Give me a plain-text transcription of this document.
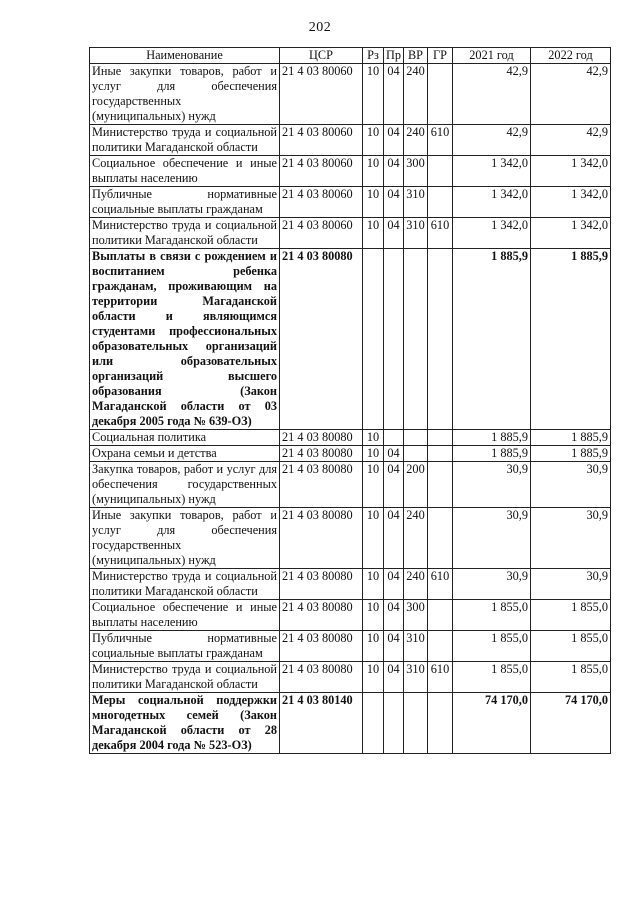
202
Наименование	ЦСР	Рз	Пр	ВР	ГР	2021 год	2022 год
Иные закупки товаров, работ и услуг для обеспечения государственных (муниципальных) нужд	21 4 03 80060	10	04	240		42,9	42,9
Министерство труда и социальной политики Магаданской области	21 4 03 80060	10	04	240	610	42,9	42,9
Социальное обеспечение и иные выплаты населению	21 4 03 80060	10	04	300		1 342,0	1 342,0
Публичные нормативные социальные выплаты гражданам	21 4 03 80060	10	04	310		1 342,0	1 342,0
Министерство труда и социальной политики Магаданской области	21 4 03 80060	10	04	310	610	1 342,0	1 342,0
Выплаты в связи с рождением и воспитанием ребенка гражданам, проживающим на территории Магаданской области и являющимся студентами профессиональных образовательных организаций или образовательных организаций высшего образования (Закон Магаданской области от 03 декабря 2005 года № 639-ОЗ)	21 4 03 80080					1 885,9	1 885,9
Социальная политика	21 4 03 80080	10				1 885,9	1 885,9
Охрана семьи и детства	21 4 03 80080	10	04			1 885,9	1 885,9
Закупка товаров, работ и услуг для обеспечения государственных (муниципальных) нужд	21 4 03 80080	10	04	200		30,9	30,9
Иные закупки товаров, работ и услуг для обеспечения государственных (муниципальных) нужд	21 4 03 80080	10	04	240		30,9	30,9
Министерство труда и социальной политики Магаданской области	21 4 03 80080	10	04	240	610	30,9	30,9
Социальное обеспечение и иные выплаты населению	21 4 03 80080	10	04	300		1 855,0	1 855,0
Публичные нормативные социальные выплаты гражданам	21 4 03 80080	10	04	310		1 855,0	1 855,0
Министерство труда и социальной политики Магаданской области	21 4 03 80080	10	04	310	610	1 855,0	1 855,0
Меры социальной поддержки многодетных семей (Закон Магаданской области от 28 декабря 2004 года № 523-ОЗ)	21 4 03 80140					74 170,0	74 170,0
